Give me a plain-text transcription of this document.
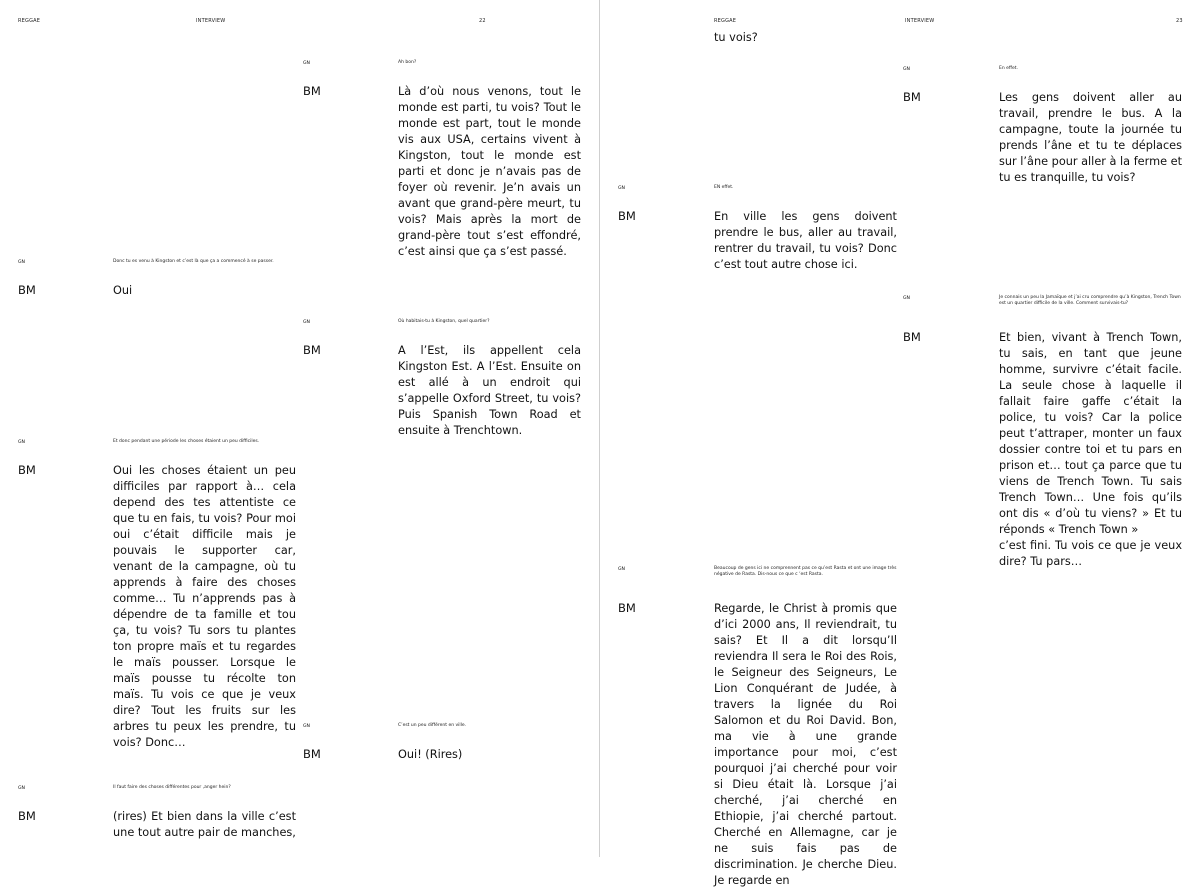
REGGAE	INTERVIEW	22
GN	Ah bon?
BM	Là d’où nous venons, tout le monde est parti, tu vois? Tout le monde est part, tout le monde vis aux USA, certains vivent à Kingston, tout le monde est parti et donc je n’avais pas de foyer où revenir. Je’n avais un avant que grand-père meurt, tu vois? Mais après la mort de grand-père tout s’est effondré, c’est ainsi que ça s’est passé.
GN	Donc tu es venu à Kingston et c’est là que ça a commencé à se passer.
BM	Oui
GN	Où habitais-tu à Kingston, quel quartier?
BM	A l’Est, ils appellent cela Kingston Est. A l’Est. Ensuite on est allé à un endroit qui s’appelle Oxford Street, tu vois? Puis Spanish Town Road et ensuite à Trenchtown.
GN	Et donc pendant une période les choses étaient un peu difficiles.
BM	Oui les choses étaient un peu difficiles par rapport à… cela depend des tes attentiste ce que tu en fais, tu vois? Pour moi oui c’était difficile mais je pouvais le supporter car, venant de la campagne, où tu apprends à faire des choses comme… Tu n’apprends pas à dépendre de ta famille et tou ça, tu vois? Tu sors tu plantes ton propre maïs et tu regardes le maïs pousser. Lorsque le maïs pousse tu récolte ton maïs. Tu vois ce que je veux dire? Tout les fruits sur les arbres tu peux les prendre, tu vois? Donc…
GN	C’est un peu différent en ville.
BM	Oui! (Rires)
GN	Il faut faire des choses différentes pour ,anger hein?
BM	(rires) Et bien dans la ville c’est une tout autre pair de manches,
REGGAE	INTERVIEW	23
tu vois?
GN	En effet.
BM	Les gens doivent aller au travail, prendre le bus. A la campagne, toute la journée tu prends l’âne et tu te déplaces sur l’âne pour aller à la ferme et tu es tranquille, tu vois?
GN	EN effet.
BM	En ville les gens doivent prendre le bus, aller au travail, rentrer du travail, tu vois? Donc c’est tout autre chose ici.
GN	Je connais un peu la Jamaïque et j’ai cru comprendre qu’à Kingston, Trench Town est un quartier difficile de la ville. Comment survivais-tu?
BM	Et bien, vivant à Trench Town, tu sais, en tant que jeune homme, survivre c’était facile. La seule chose à laquelle il fallait faire gaffe c’était la police, tu vois? Car la police peut t’attraper, monter un faux dossier contre toi et tu pars en prison et… tout ça parce que tu viens de Trench Town. Tu sais Trench Town… Une fois qu’ils ont dis « d’où tu viens? » Et tu réponds « Trench Town »
c’est fini. Tu vois ce que je veux dire? Tu pars…
GN	Beaucoup de gens ici ne comprennent pas ce qu’est Rasta et ont une image très négative de Rasta. Dis-nous ce que c ‘est Rasta.
BM	Regarde, le Christ à promis que d’ici 2000 ans, Il reviendrait, tu sais? Et Il a dit lorsqu’Il reviendra Il sera le Roi des Rois, le Seigneur des Seigneurs, Le Lion Conquérant de Judée, à travers la lignée du Roi Salomon et du Roi David. Bon, ma vie à une grande importance pour moi, c’est pourquoi j’ai cherché pour voir si Dieu était là. Lorsque j’ai cherché, j’ai cherché en Ethiopie, j’ai cherché partout. Cherché en Allemagne, car je ne suis fais pas de discrimination. Je cherche Dieu. Je regarde en
